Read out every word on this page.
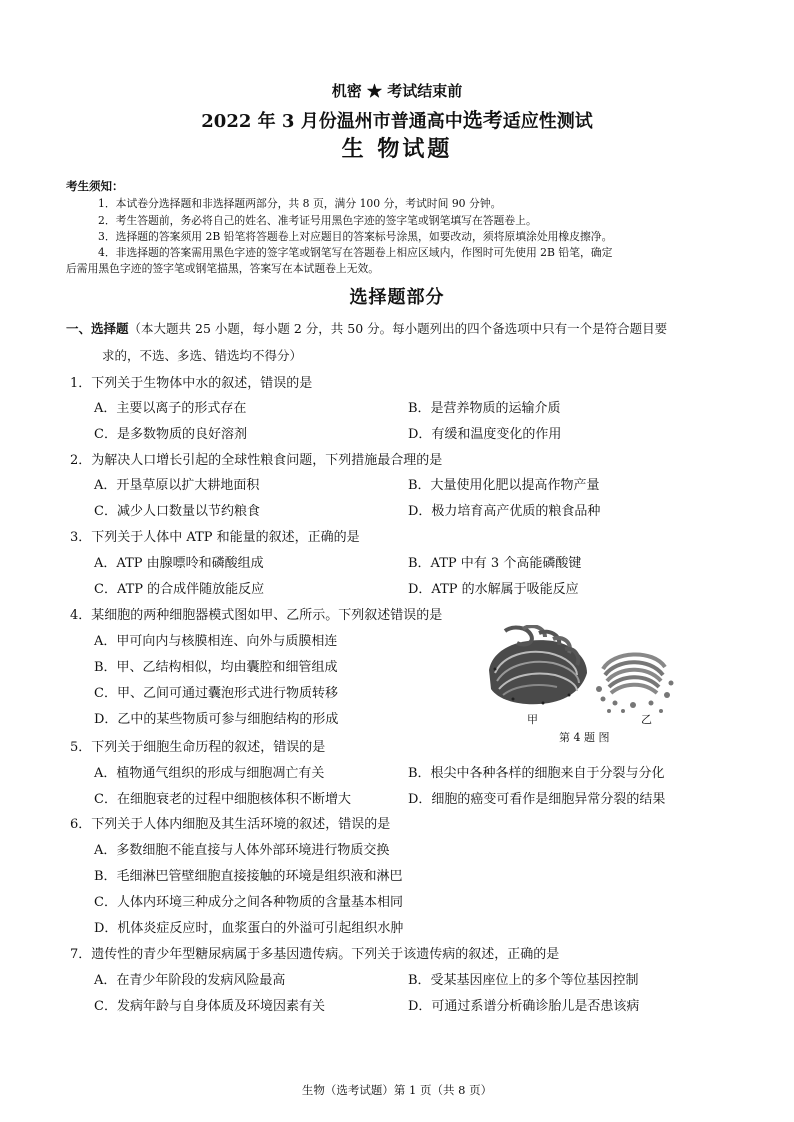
机密 ★ 考试结束前
2022 年 3 月份温州市普通高中选考适应性测试
生 物试题
考生须知：
1．本试卷分选择题和非选择题两部分，共 8 页，满分 100 分，考试时间 90 分钟。
2．考生答题前，务必将自己的姓名、准考证号用黑色字迹的签字笔或钢笔填写在答题卷上。
3．选择题的答案须用 2B 铅笔将答题卷上对应题目的答案标号涂黑，如要改动，须将原填涂处用橡皮擦净。
4．非选择题的答案需用黑色字迹的签字笔或钢笔写在答题卷上相应区域内，作图时可先使用 2B 铅笔，确定
后需用黑色字迹的签字笔或钢笔描黑，答案写在本试题卷上无效。
选择题部分
一、选择题（本大题共 25 小题，每小题 2 分，共 50 分。每小题列出的四个备选项中只有一个是符合题目要
求的，不选、多选、错选均不得分）
1．下列关于生物体中水的叙述，错误的是
A．主要以离子的形式存在	B．是营养物质的运输介质
C．是多数物质的良好溶剂	D．有缓和温度变化的作用
2．为解决人口增长引起的全球性粮食问题，下列措施最合理的是
A．开垦草原以扩大耕地面积	B．大量使用化肥以提高作物产量
C．减少人口数量以节约粮食	D．极力培育高产优质的粮食品种
3．下列关于人体中 ATP 和能量的叙述，正确的是
A．ATP 由腺嘌呤和磷酸组成	B．ATP 中有 3 个高能磷酸键
C．ATP 的合成伴随放能反应	D．ATP 的水解属于吸能反应
4．某细胞的两种细胞器模式图如甲、乙所示。下列叙述错误的是
A．甲可向内与核膜相连、向外与质膜相连
B．甲、乙结构相似，均由囊腔和细管组成
C．甲、乙间可通过囊泡形式进行物质转移
D．乙中的某些物质可参与细胞结构的形成	甲	乙
第 4 题 图
5．下列关于细胞生命历程的叙述，错误的是
A．植物通气组织的形成与细胞凋亡有关	B．根尖中各种各样的细胞来自于分裂与分化
C．在细胞衰老的过程中细胞核体积不断增大	D．细胞的癌变可看作是细胞异常分裂的结果
6．下列关于人体内细胞及其生活环境的叙述，错误的是
A．多数细胞不能直接与人体外部环境进行物质交换
B．毛细淋巴管壁细胞直接接触的环境是组织液和淋巴
C．人体内环境三种成分之间各种物质的含量基本相同
D．机体炎症反应时，血浆蛋白的外溢可引起组织水肿
7．遗传性的青少年型糖尿病属于多基因遗传病。下列关于该遗传病的叙述，正确的是
A．在青少年阶段的发病风险最高	B．受某基因座位上的多个等位基因控制
C．发病年龄与自身体质及环境因素有关	D．可通过系谱分析确诊胎儿是否患该病
生物（选考试题）第 1 页（共 8 页）
